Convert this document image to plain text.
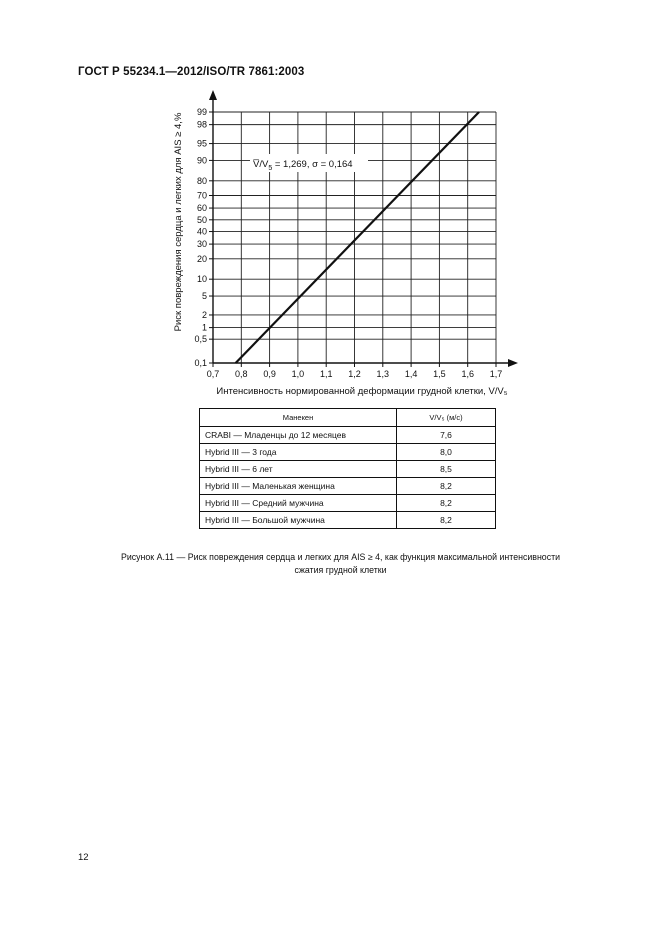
ГОСТ Р 55234.1—2012/ISO/TR 7861:2003
0,7 0,8 0,9 1,0 1,1 1,2 1,3 1,4 1,5 1,6 1,7
0,1
0,5
1
2
5
10
20
30
40
50
60
70
80
90
95
98
99
$V̅/V_5 = 1,269$, σ = 0,164
Интенсивность нормированной деформации грудной клетки, V/V₅
Риск повреждения сердца и легких для AIS ≥ 4,%
Манекен	V/V₅ (м/с)
CRABI — Младенцы до 12 месяцев	7,6
Hybrid III — 3 года	8,0
Hybrid III — 6 лет	8,5
Hybrid III — Маленькая женщина	8,2
Hybrid III — Средний мужчина	8,2
Hybrid III — Большой мужчина	8,2
Рисунок А.11 — Риск повреждения сердца и легких для AIS ≥ 4, как функция максимальной интенсивности
сжатия грудной клетки
12
